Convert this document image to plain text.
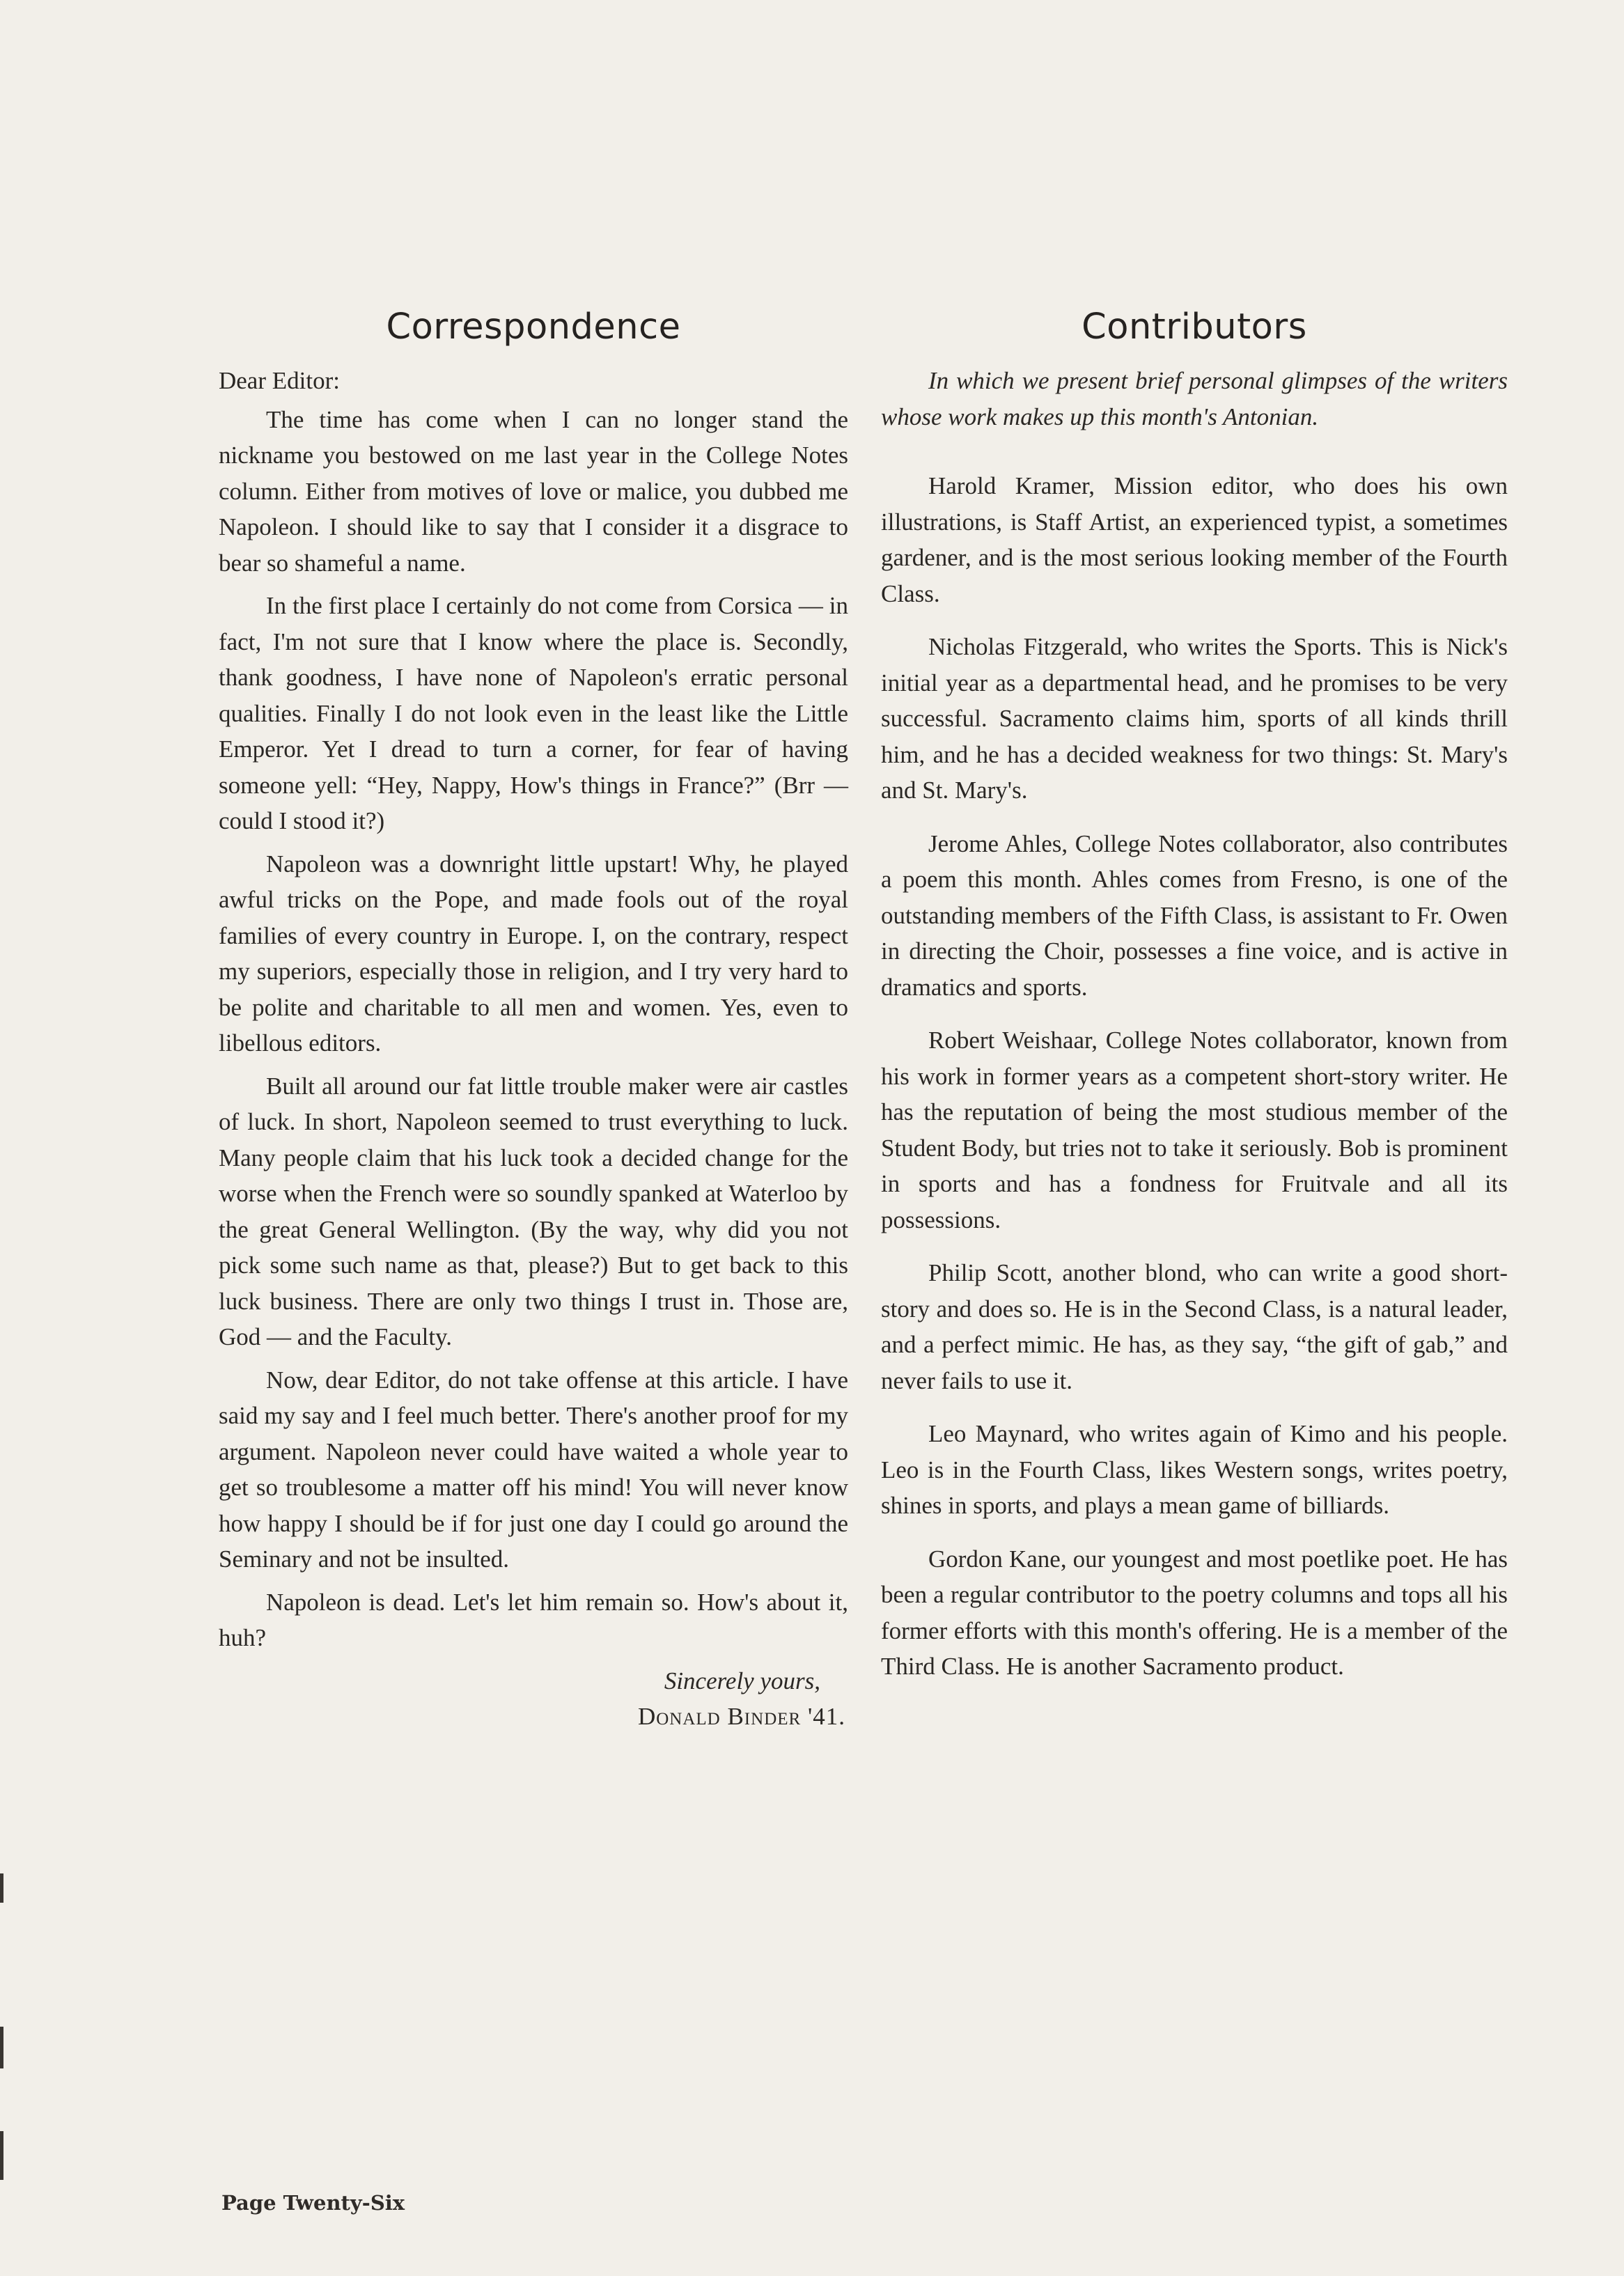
Correspondence

Dear Editor:

The time has come when I can no longer stand the nickname you bestowed on me last year in the College Notes column. Either from motives of love or malice, you dubbed me Napoleon. I should like to say that I consider it a disgrace to bear so shameful a name.

In the first place I certainly do not come from Corsica — in fact, I'm not sure that I know where the place is. Secondly, thank goodness, I have none of Napoleon's erratic personal qualities. Finally I do not look even in the least like the Little Emperor. Yet I dread to turn a corner, for fear of having someone yell: “Hey, Nappy, How's things in France?” (Brr — could I stood it?)

Napoleon was a downright little upstart! Why, he played awful tricks on the Pope, and made fools out of the royal families of every country in Europe. I, on the contrary, respect my superiors, especially those in religion, and I try very hard to be polite and charitable to all men and women. Yes, even to libellous editors.

Built all around our fat little trouble maker were air castles of luck. In short, Napoleon seemed to trust everything to luck. Many people claim that his luck took a decided change for the worse when the French were so soundly spanked at Waterloo by the great General Wellington. (By the way, why did you not pick some such name as that, please?) But to get back to this luck business. There are only two things I trust in. Those are, God — and the Faculty.

Now, dear Editor, do not take offense at this article. I have said my say and I feel much better. There's another proof for my argument. Napoleon never could have waited a whole year to get so troublesome a matter off his mind! You will never know how happy I should be if for just one day I could go around the Seminary and not be insulted.

Napoleon is dead. Let's let him remain so. How's about it, huh?

Sincerely yours,

Donald Binder '41.

Contributors

In which we present brief personal glimpses of the writers whose work makes up this month's Antonian.

Harold Kramer, Mission editor, who does his own illustrations, is Staff Artist, an experienced typist, a sometimes gardener, and is the most serious looking member of the Fourth Class.

Nicholas Fitzgerald, who writes the Sports. This is Nick's initial year as a departmental head, and he promises to be very successful. Sacramento claims him, sports of all kinds thrill him, and he has a decided weakness for two things: St. Mary's and St. Mary's.

Jerome Ahles, College Notes collaborator, also contributes a poem this month. Ahles comes from Fresno, is one of the outstanding members of the Fifth Class, is assistant to Fr. Owen in directing the Choir, possesses a fine voice, and is active in dramatics and sports.

Robert Weishaar, College Notes collaborator, known from his work in former years as a competent short-story writer. He has the reputation of being the most studious member of the Student Body, but tries not to take it seriously. Bob is prominent in sports and has a fondness for Fruitvale and all its possessions.

Philip Scott, another blond, who can write a good short-story and does so. He is in the Second Class, is a natural leader, and a perfect mimic. He has, as they say, “the gift of gab,” and never fails to use it.

Leo Maynard, who writes again of Kimo and his people. Leo is in the Fourth Class, likes Western songs, writes poetry, shines in sports, and plays a mean game of billiards.

Gordon Kane, our youngest and most poetlike poet. He has been a regular contributor to the poetry columns and tops all his former efforts with this month's offering. He is a member of the Third Class. He is another Sacramento product.

Page Twenty-Six
